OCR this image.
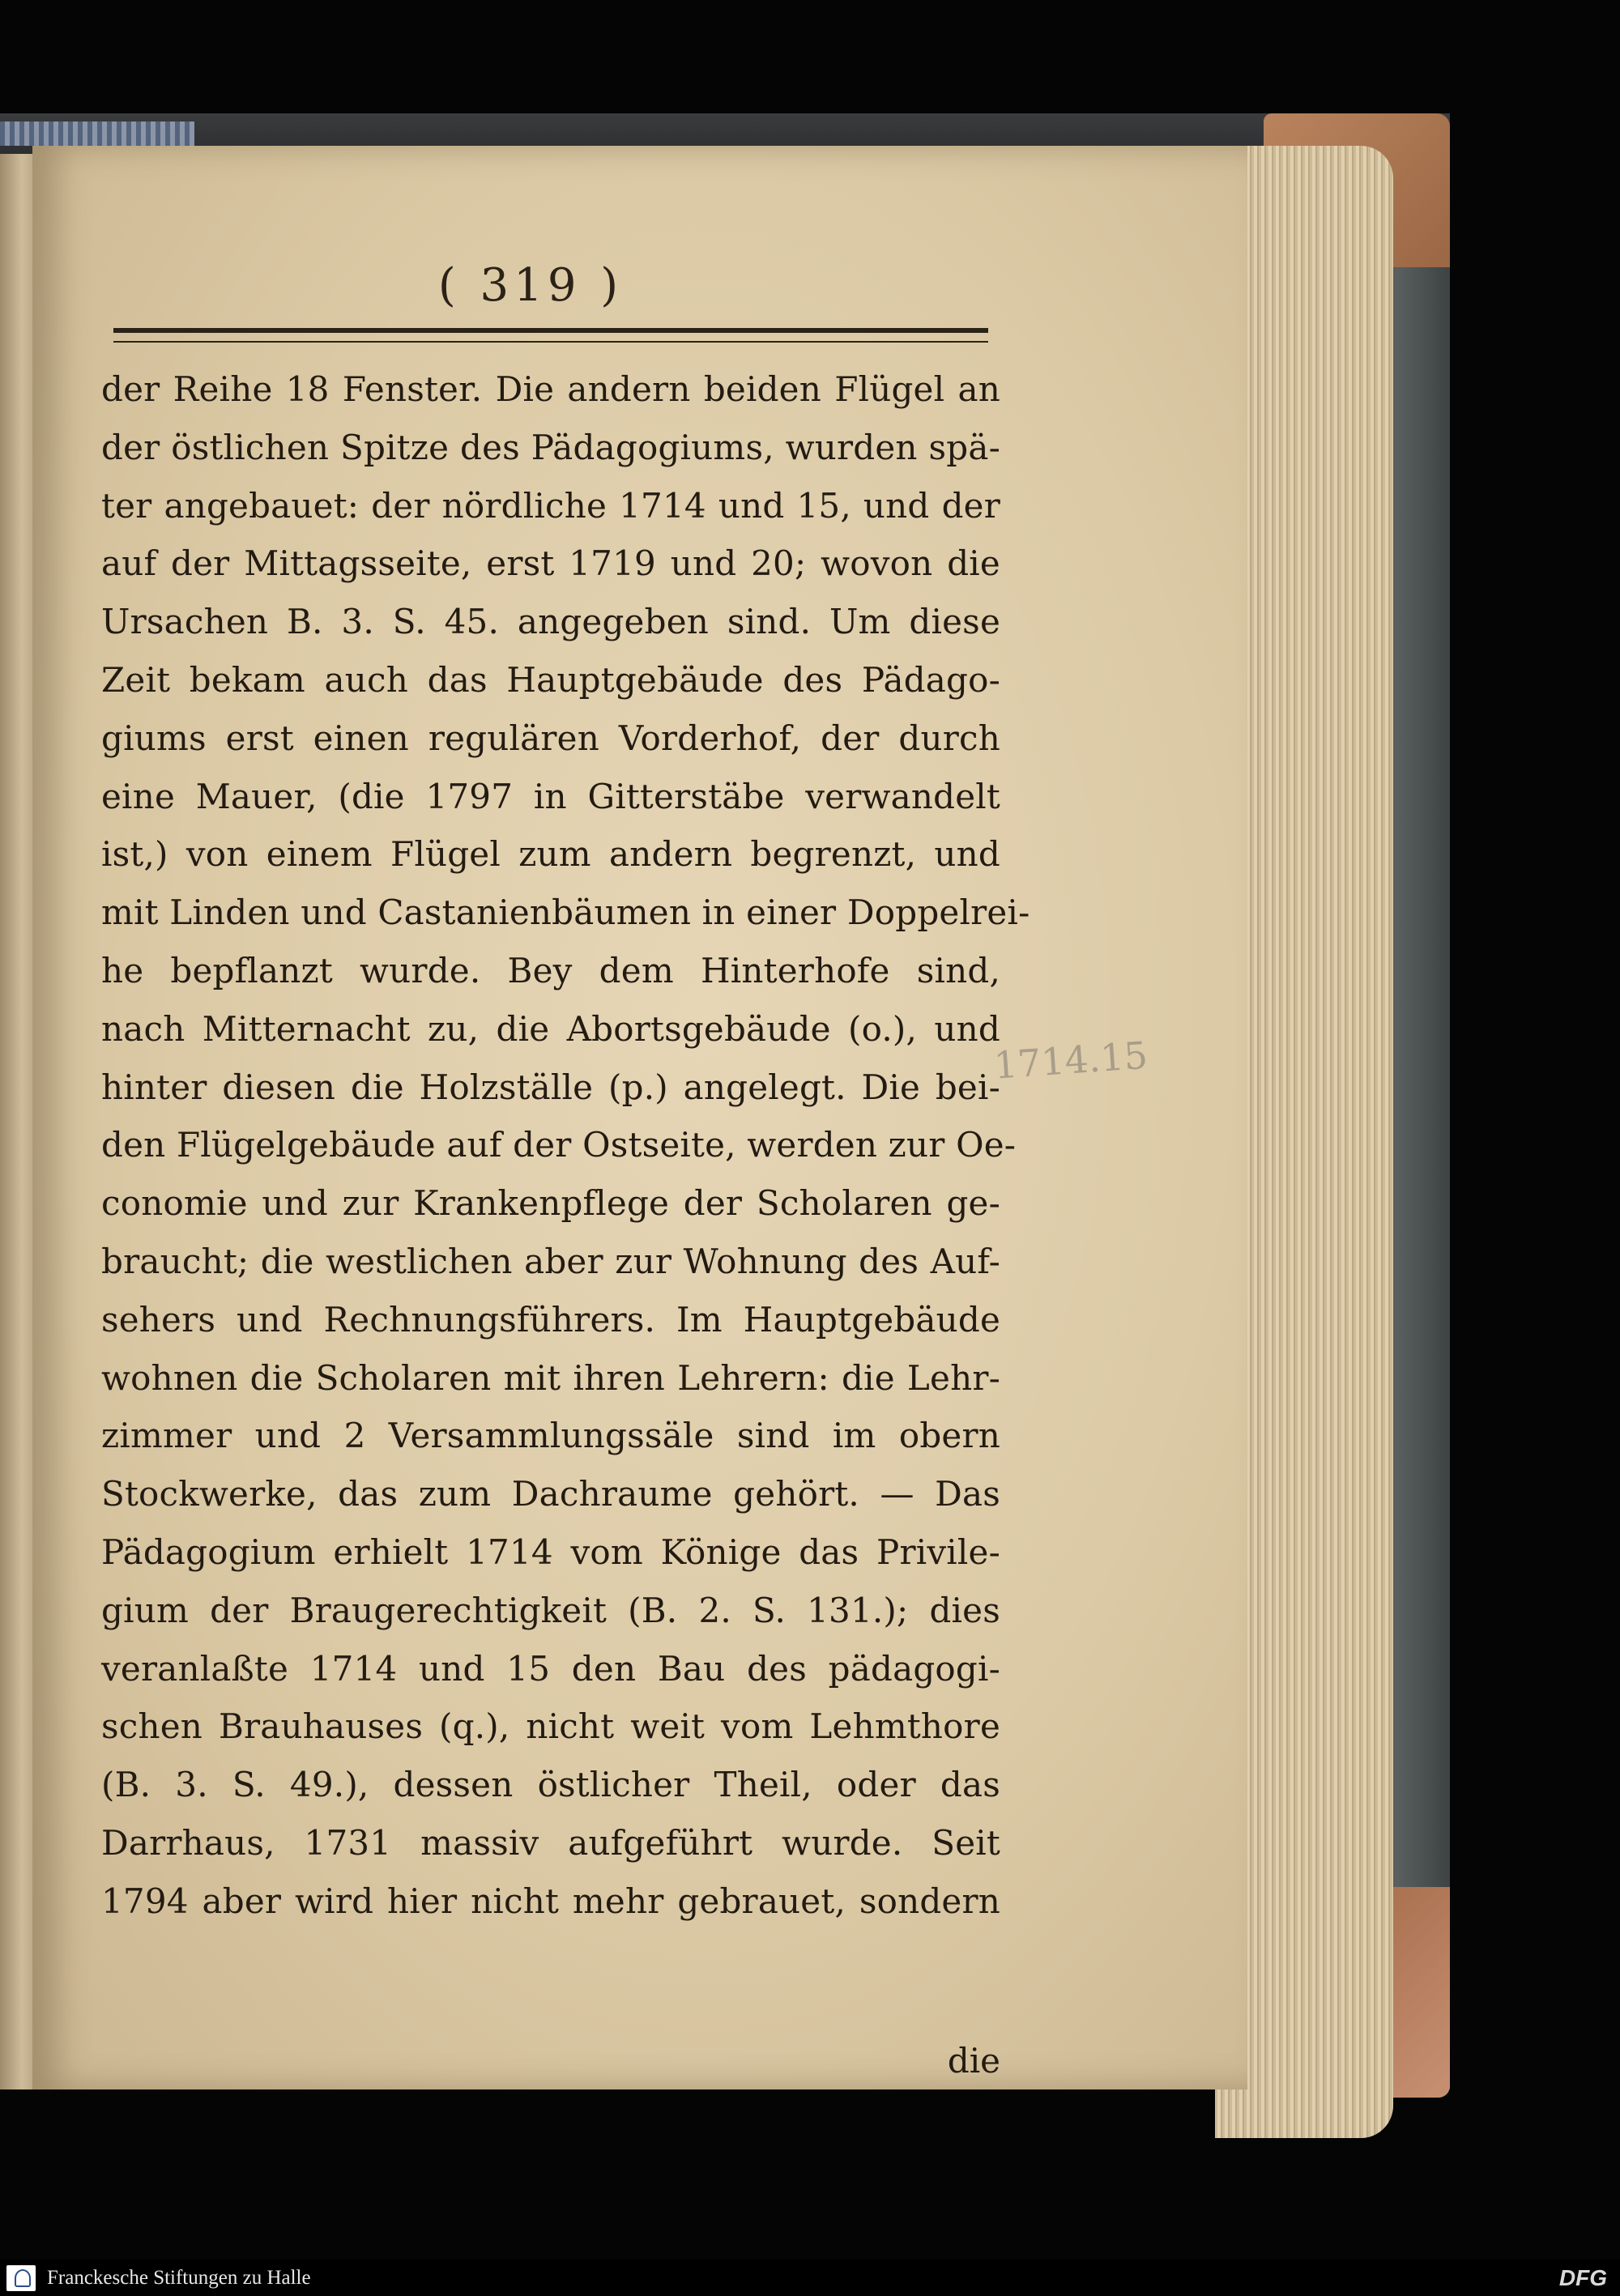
( 319 )
der Reihe 18 Fenster. Die andern beiden Flügel an
der östlichen Spitze des Pädagogiums, wurden spä-
ter angebauet: der nördliche 1714 und 15, und der
auf der Mittagsseite, erst 1719 und 20; wovon die
Ursachen B. 3. S. 45. angegeben sind. Um diese
Zeit bekam auch das Hauptgebäude des Pädago-
giums erst einen regulären Vorderhof, der durch
eine Mauer, (die 1797 in Gitterstäbe verwandelt
ist,) von einem Flügel zum andern begrenzt, und
mit Linden und Castanienbäumen in einer Doppelrei-
he bepflanzt wurde. Bey dem Hinterhofe sind,
nach Mitternacht zu, die Abortsgebäude (o.), und
hinter diesen die Holzställe (p.) angelegt. Die bei-
den Flügelgebäude auf der Ostseite, werden zur Oe-
conomie und zur Krankenpflege der Scholaren ge-
braucht; die westlichen aber zur Wohnung des Auf-
sehers und Rechnungsführers. Im Hauptgebäude
wohnen die Scholaren mit ihren Lehrern: die Lehr-
zimmer und 2 Versammlungssäle sind im obern
Stockwerke, das zum Dachraume gehört. — Das
Pädagogium erhielt 1714 vom Könige das Privile-
gium der Braugerechtigkeit (B. 2. S. 131.); dies
veranlaßte 1714 und 15 den Bau des pädagogi-
schen Brauhauses (q.), nicht weit vom Lehmthore
(B. 3. S. 49.), dessen östlicher Theil, oder das
Darrhaus, 1731 massiv aufgeführt wurde. Seit
1794 aber wird hier nicht mehr gebrauet, sondern
die
1714.15
Franckesche Stiftungen zu Halle	DFG
